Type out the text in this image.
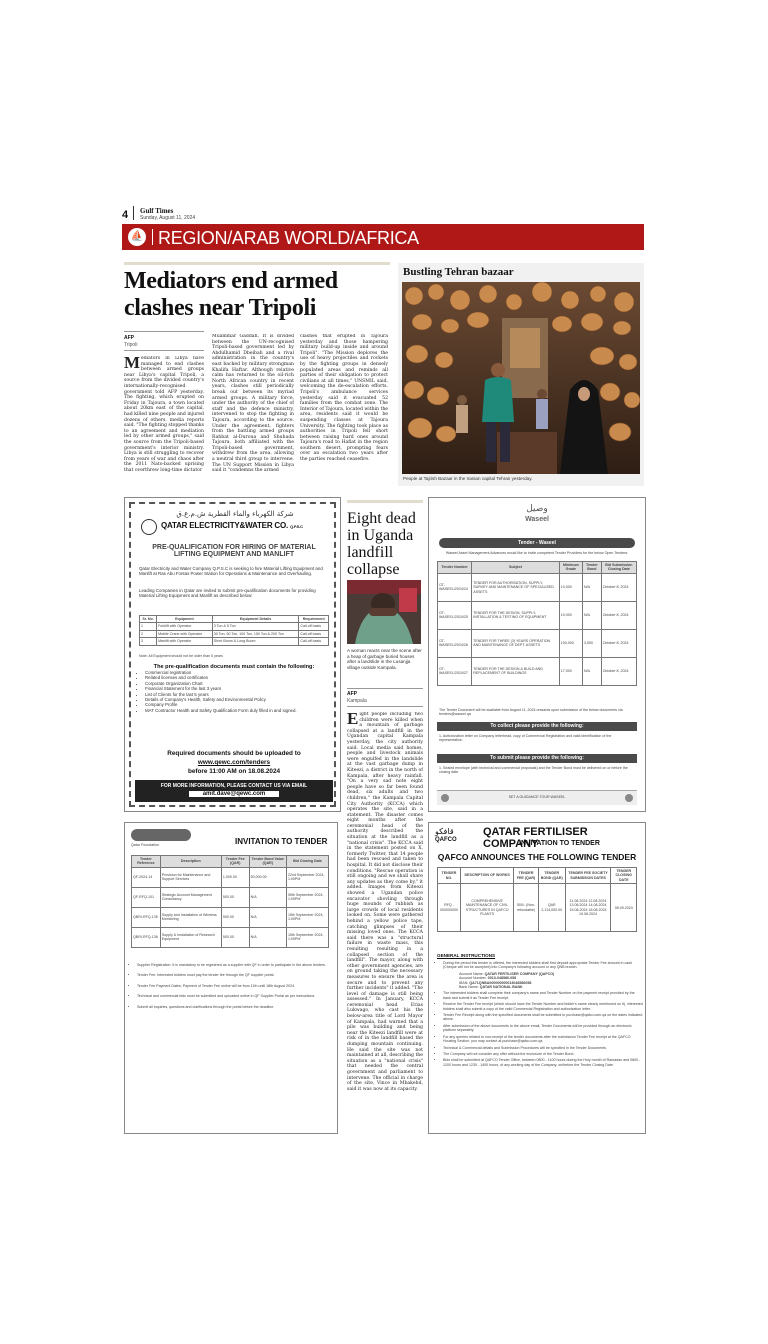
4 Gulf Times
Sunday, August 11, 2024
⛵ REGION/ARAB WORLD/AFRICA
Mediators end armed clashes near Tripoli
AFP
Tripoli
Mediators in Libya have managed to end clashes between armed groups near Libya's capital Tripoli, a source from the divided country's internationally-recognised government told AFP yesterday. The fighting, which erupted on Friday in Tajoura, a town located about 20km east of the capital, had killed nine people and injured dozens of others, media reports said. "The fighting stopped thanks to an agreement and mediation led by other armed groups," said the source from the Tripoli-based government's interior ministry. Libya is still struggling to recover from years of war and chaos after the 2011 Nato-backed uprising that overthrew long-time dictator
Muammar Gaddafi. It is divided between the UN-recognised Tripoli-based government led by Abdulhamid Dbeibah and a rival administration in the country's east backed by military strongman Khalifa Haftar. Although relative calm has returned to the oil-rich North African country in recent years, clashes still periodically break out between its myriad armed groups. A military force, under the authority of the chief of staff and the defence ministry, intervened to stop the fighting in Tajoura, according to the source. Under the agreement, fighters from the battling armed groups Rahbat al-Duroua and Shuhada Tajoura, both affiliated with the Tripoli-based government, withdrew from the area, allowing a neutral third group to intervene. The UN Support Mission in Libya said it "condemns the armed
clashes that erupted in Tajoura yesterday and those hampering military build-up inside and around Tripoli". "The Mission deplores the use of heavy projectiles and rockets by the fighting groups in densely populated areas and reminds all parties of their obligation to protect civilians at all times," UNSMIL said, welcoming the de-escalation efforts. Tripoli's ambulance services yesterday said it evacuated 52 families from the combat zone. The Interior of Tajoura, located within the area, residents said it would be suspending classes at Tajoura University. The fighting took place as authorities in Tripoli fell short between raising hard ones around Tajoura's road to Hafiat in the region southern desert, prompting fears over an escalation two years after the parties reached ceasefire.
Bustling Tehran bazaar
People at Tajrish Bazaar in the Iranian capital Tehran yesterday.
شركة الكهرباء والماء القطرية ش.م.ع.ق
QATAR ELECTRICITY&WATER CO. Q.P.S.C
PRE-QUALIFICATION FOR HIRING OF MATERIAL LIFTING EQUIPMENT AND MANLIFT
Qatar Electricity and Water Company Q.P.S.C is seeking to hire Material Lifting Equipment and Manlift at Ras Abu Fontas Power Station for Operations & Maintenance and Overhauling.
Leading Companies in Qatar are invited to submit pre-qualification documents for providing Material Lifting Equipment and Manlift as described below:
Sr. No.	Equipment	Equipment Details	Requirement
1	Forklift with Operator	3 Ton & 5 Ton	Call-off basis
2	Mobile Crane with Operator	30 Ton, 50 Ton, 100 Ton, 150 Ton & 200 Ton	Call-off basis
3	Manlift with Operator	Short Boom & Long Boom	Call-off basis
Note: All Equipment should not be older than 5 years
The pre-qualification documents must contain the following:
• Commercial registration
• Related licenses and certificates
• Corporate Organization Chart
• Financial Statement for the last 3 years
• List of Clients for the last 5 years
• Details of Company's Health, Safety and Environmental Policy
• Company Profile
• MAT Contractor Health and Safety Qualification Form duly filled in and signed.
Required documents should be uploaded to
www.qewc.com/tenders
before 11:00 AM on 18.08.2024
FOR MORE INFORMATION, PLEASE CONTACT US VIA EMAIL
amit.dave@qewc.com
Eight dead in Uganda landfill collapse
A woman reacts near the scene after a heap of garbage buried houses after a landslide in the Lusanjja village outside Kampala.
AFP
Kampala
Eight people including two children were killed when a mountain of garbage collapsed at a landfill in the Ugandan capital Kampala yesterday, the city authority said. Local media said homes, people and livestock animals were engulfed in the landslide at the vast garbage dump in Kiteezi, a district in the north of Kampala, after heavy rainfall. "On a very sad note eight people have so far been found dead, six adults and two children," the Kampala Capital City Authority (KCCA) which operates the site, said in a statement. The disaster comes eight months after the ceremonial head of the authority described the situation at the landfill as a "national crisis". The KCCA said in the statement posted on X, formerly Twitter, that 14 people had been rescued and taken to hospital. It did not disclose their conditions. "Rescue operation is still ongoing and we shall share any updates as they come by," it added. Images from Kiteezi showed a Ugandan police excavator shovling through huge mounds of rubbish as large crowds of local residents looked on. Some were gathered behind a yellow police tape, catching glimpses of their missing loved ones. The KCCA said there was a "structural failure in waste mass, this resulting resulting in a collapsed section of the landfill". The mayor, along with other government agencies, are on ground taking the necessary measures to ensure the area is secure and to prevent any further incidents" it added. "The level of damage is still being assessed." In January, KCCA ceremonial head Erias Lukwago, who cast his the below-area title of Lord Mayor of Kampala, had warned that a pile was building and being near the Kiteezi landfill were at risk of in the landfill based the dumping mountain continuing. He said the site was not maintained at all, describing the situation as a "national crisis" that needed the central government and parliament to intervene. The official in charge of the site, Vince in Mbakehd, said it was now at its capacity.
وصيل
Waseel
Tender - Waseel
Waseel Asset Management Advances would like to invite competent Tender Providers for the below Open Tenders:
Tender Number	Subject	Minimum Grade	Tender Bond	Bid Submission Closing Date
OT-WASEEL/2024/24	TENDER FOR AUTHORISATION, SUPPLY, SURVEY AND MAINTENANCE OF SPECIALISED ASSETS	10,000	N/A	October 8, 2024
OT-WASEEL/2024/25	TENDER FOR THE DESIGN, SUPPLY, INSTALLATION & TESTING OF EQUIPMENT	10,000	N/A	October 8, 2024
OT-WASEEL/2024/26	TENDER FOR THREE (3) YEARS OPERATION AND MAINTENANCE OF DEPT. ASSETS	100,000	3,500	October 8, 2024
OT-WASEEL/2024/27	TENDER FOR THE DESIGN & BUILD AND REPLACEMENT OF BUILDINGS	17,000	N/A	October 8, 2024
The Tender Document will be available from August 11, 2024 onwards upon submission of the below documents via tenders@waseel.qa
To collect please provide the following:
1. Authorization letter on Company letterhead, copy of Commercial Registration and valid identification of the representative.
To submit please provide the following:
1. Sealed envelope (with technical and commercial proposals) and the Tender Bond must be delivered on or before the closing date.
SET A GUIDANCE TOUR WASEEL
Qatar Foundation	INVITATION TO TENDER
Tender Reference	Description	Tender Fee (QAR)	Tender Bond Value (QAR)	Bid Closing Date
QF-2024-14	Provision for Maintenance and Support Services	1,000.00	50,000.00	22nd September 2024, 1:00PM
QF-RFQ-101	Strategic Account Management Consultancy	500.00	N/A	05th September 2024, 1:00PM
QBRI-RFQ-135	Supply and Installation of Wireless Monitoring	500.00	N/A	15th September 2024, 1:00PM
QBRI-RFQ-136	Supply & Installation of Research Equipment	500.00	N/A	15th September 2024, 1:00PM
• Supplier Registration: It is mandatory to be registered as a supplier with QF in order to participate in the above tenders.
• Tender Fee: Interested bidders must pay the tender fee through the QF supplier portal.
• Tender Fee Payment Dates: Payment of Tender Fee online will be from 11th until 18th August 2024.
• Technical and commercial bids must be submitted and uploaded online in QF Supplier Portal as per instructions.
• Submit all inquiries, questions and clarifications through the portal before the deadline.
قافكو
QAFCO
QATAR FERTILISER COMPANY
INVITATION TO TENDER
QAFCO ANNOUNCES THE FOLLOWING TENDER
TENDER NO.	DESCRIPTION OF WORKS	TENDER FEE (QAR)	TENDER BOND (QAR)	TENDER FEE SOCIETY SUBMISSION DATES	TENDER CLOSING DATE
RFQ - 000000000	COMPREHENSIVE MAINTENANCE OF CIVIL STRUCTURES IN QAFCO PLANTS	500/- (Non-refundable)	QAR 2,114,000.00	11.08.2024 12.08.2024 13.08.2024 14.08.2024 15.08.2024 18.08.2024 19.08.2024	08.09.2024
GENERAL INSTRUCTIONS
• During the period this tender is offered, the interested bidders shall first deposit appropriate Tender Fee amount in cash (Cheque will not be accepted) into Company's following account or any QNB branch.
Account Name: QATAR FERTILISER COMPANY (QAFCO)
Account Number: 0013-048586-058
IBAN: QA71QNBA000000000013048586058
Bank Name: QATAR NATIONAL BANK
• The interested bidders shall complete their company's name and Tender Number on the payment receipt provided by the bank and submit it as Tender Fee receipt.
• Receive the Tender Fee receipt (which should have the Tender Number and bidder's name clearly mentioned on it), interested bidders shall also submit a copy of the valid Commercial Registration and authorization letter.
• Tender Fee Receipt along with the specified documents shall be submitted to purchase@qafco.com.qa on the dates indicated above.
• After submission of the above documents to the above email, Tender Documents will be provided through an electronic platform separately.
• For any queries related to non-receipt of the tender documents after the submission Tender Fee receipt at the QAFCO Housing Section, you may contact at purchase@qafco.com.qa
• Technical & Commercial details and Submission Procedures will be specified in the Tender Documents.
• The Company will not consider any offer without the enclosure of the Tender Bond.
• Bids shall be submitted at QAFCO Tender Office, between 0800 - 1100 hours during the Holy month of Ramadan and 0800 - 1200 hours and 1230 - 1400 hours, of any working day of the Company, on/before the Tender Closing Date.
